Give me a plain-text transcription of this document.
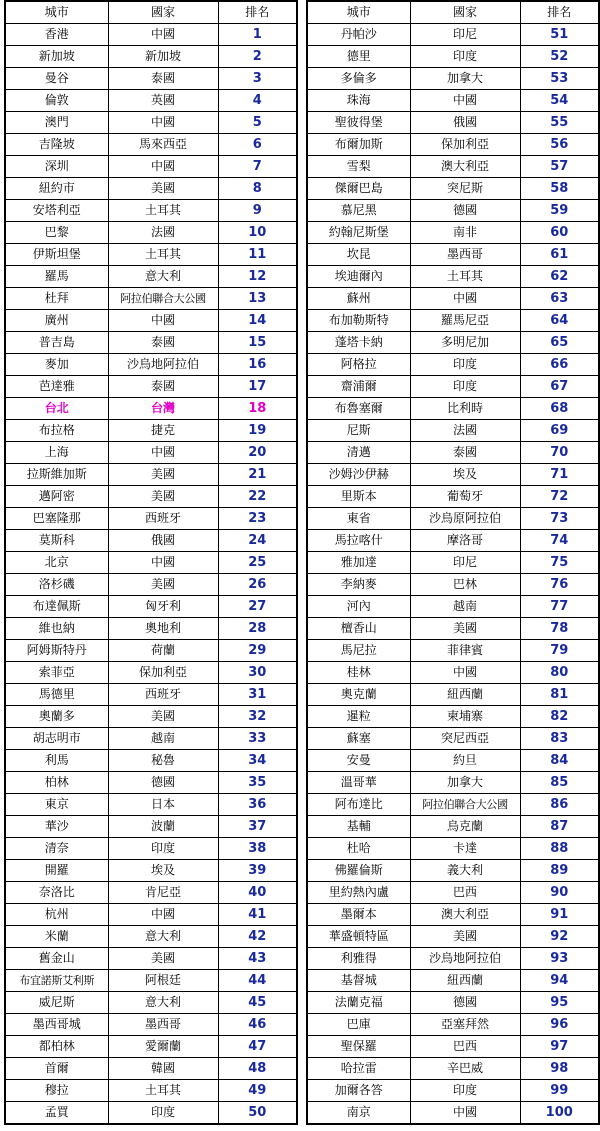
城市	國家	排名
香港	中國	1
新加坡	新加坡	2
曼谷	泰國	3
倫敦	英國	4
澳門	中國	5
吉隆坡	馬來西亞	6
深圳	中國	7
紐約市	美國	8
安塔利亞	土耳其	9
巴黎	法國	10
伊斯坦堡	土耳其	11
羅馬	意大利	12
杜拜	阿拉伯聯合大公國	13
廣州	中國	14
普吉島	泰國	15
麥加	沙烏地阿拉伯	16
芭達雅	泰國	17
台北	台灣	18
布拉格	捷克	19
上海	中國	20
拉斯維加斯	美國	21
邁阿密	美國	22
巴塞隆那	西班牙	23
莫斯科	俄國	24
北京	中國	25
洛杉磯	美國	26
布達佩斯	匈牙利	27
維也納	奧地利	28
阿姆斯特丹	荷蘭	29
索菲亞	保加利亞	30
馬德里	西班牙	31
奧蘭多	美國	32
胡志明市	越南	33
利馬	秘魯	34
柏林	德國	35
東京	日本	36
華沙	波蘭	37
清奈	印度	38
開羅	埃及	39
奈洛比	肯尼亞	40
杭州	中國	41
米蘭	意大利	42
舊金山	美國	43
布宜諾斯艾利斯	阿根廷	44
威尼斯	意大利	45
墨西哥城	墨西哥	46
都柏林	愛爾蘭	47
首爾	韓國	48
穆拉	土耳其	49
孟買	印度	50
城市	國家	排名
丹帕沙	印尼	51
德里	印度	52
多倫多	加拿大	53
珠海	中國	54
聖彼得堡	俄國	55
布爾加斯	保加利亞	56
雪梨	澳大利亞	57
傑爾巴島	突尼斯	58
慕尼黑	德國	59
約翰尼斯堡	南非	60
坎昆	墨西哥	61
埃迪爾內	土耳其	62
蘇州	中國	63
布加勒斯特	羅馬尼亞	64
蓬塔卡納	多明尼加	65
阿格拉	印度	66
齋浦爾	印度	67
布魯塞爾	比利時	68
尼斯	法國	69
清邁	泰國	70
沙姆沙伊赫	埃及	71
里斯本	葡萄牙	72
東省	沙烏原阿拉伯	73
馬拉喀什	摩洛哥	74
雅加達	印尼	75
李納麥	巴林	76
河內	越南	77
檀香山	美國	78
馬尼拉	菲律賓	79
桂林	中國	80
奧克蘭	紐西蘭	81
暹粒	柬埔寨	82
蘇塞	突尼西亞	83
安曼	約旦	84
溫哥華	加拿大	85
阿布達比	阿拉伯聯合大公國	86
基輔	烏克蘭	87
杜哈	卡達	88
佛羅倫斯	義大利	89
里約熱內盧	巴西	90
墨爾本	澳大利亞	91
華盛頓特區	美國	92
利雅得	沙烏地阿拉伯	93
基督城	紐西蘭	94
法蘭克福	德國	95
巴庫	亞塞拜然	96
聖保羅	巴西	97
哈拉雷	辛巴威	98
加爾各答	印度	99
南京	中國	100
